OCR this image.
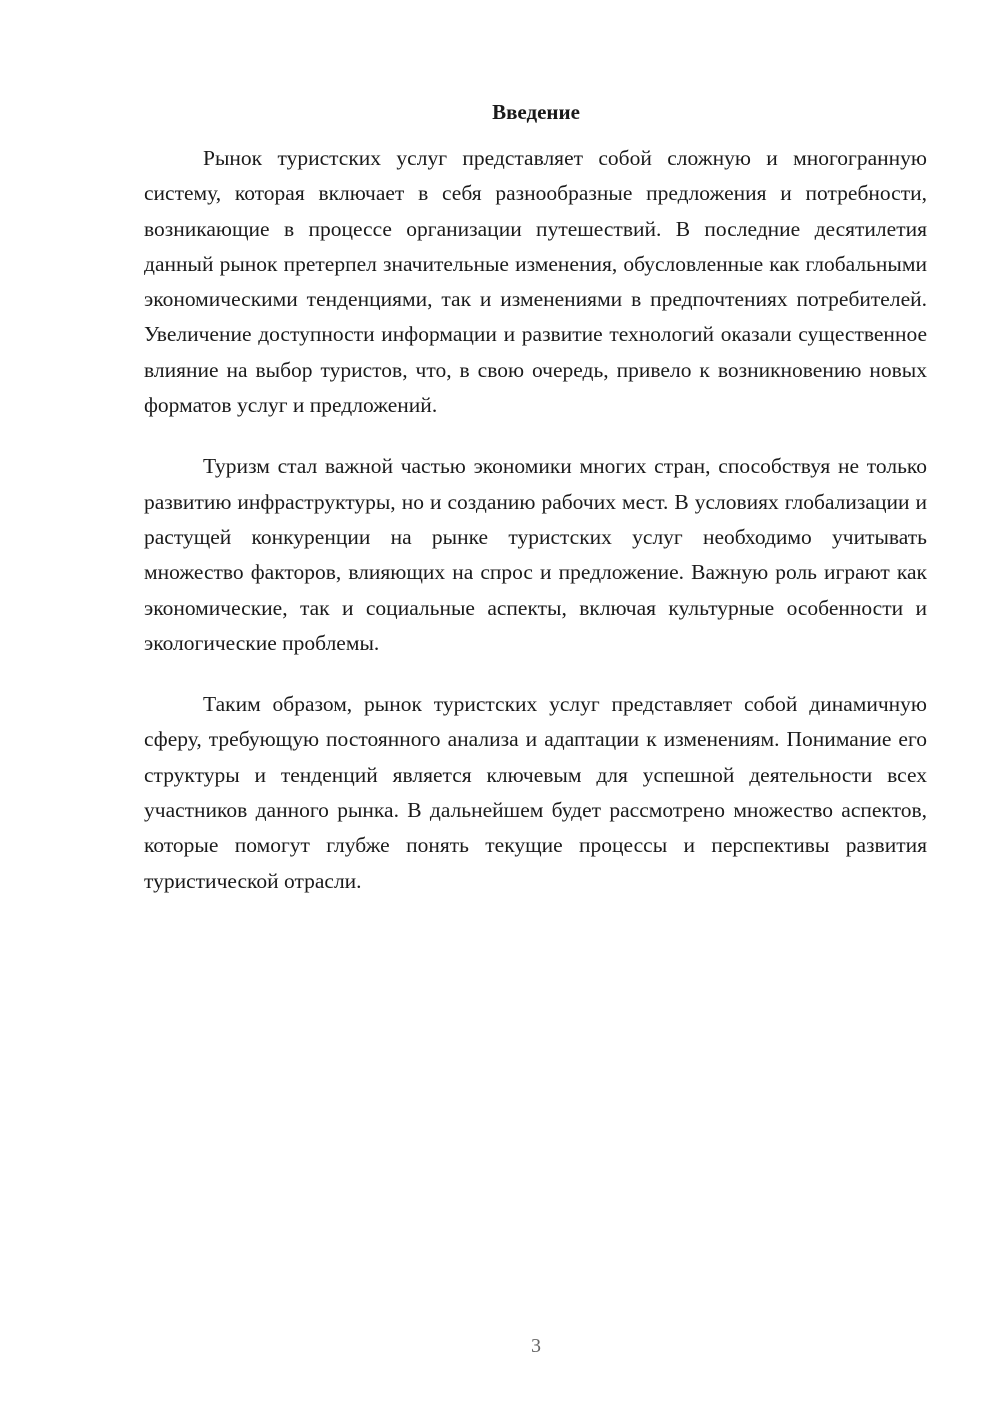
Введение

Рынок туристских услуг представляет собой сложную и многогранную систему, которая включает в себя разнообразные предложения и потребности, возникающие в процессе организации путешествий. В последние десятилетия данный рынок претерпел значительные изменения, обусловленные как глобальными экономическими тенденциями, так и изменениями в предпочтениях потребителей. Увеличение доступности информации и развитие технологий оказали существенное влияние на выбор туристов, что, в свою очередь, привело к возникновению новых форматов услуг и предложений.

Туризм стал важной частью экономики многих стран, способствуя не только развитию инфраструктуры, но и созданию рабочих мест. В условиях глобализации и растущей конкуренции на рынке туристских услуг необходимо учитывать множество факторов, влияющих на спрос и предложение. Важную роль играют как экономические, так и социальные аспекты, включая культурные особенности и экологические проблемы.

Таким образом, рынок туристских услуг представляет собой динамичную сферу, требующую постоянного анализа и адаптации к изменениям. Понимание его структуры и тенденций является ключевым для успешной деятельности всех участников данного рынка. В дальнейшем будет рассмотрено множество аспектов, которые помогут глубже понять текущие процессы и перспективы развития туристической отрасли.

3
